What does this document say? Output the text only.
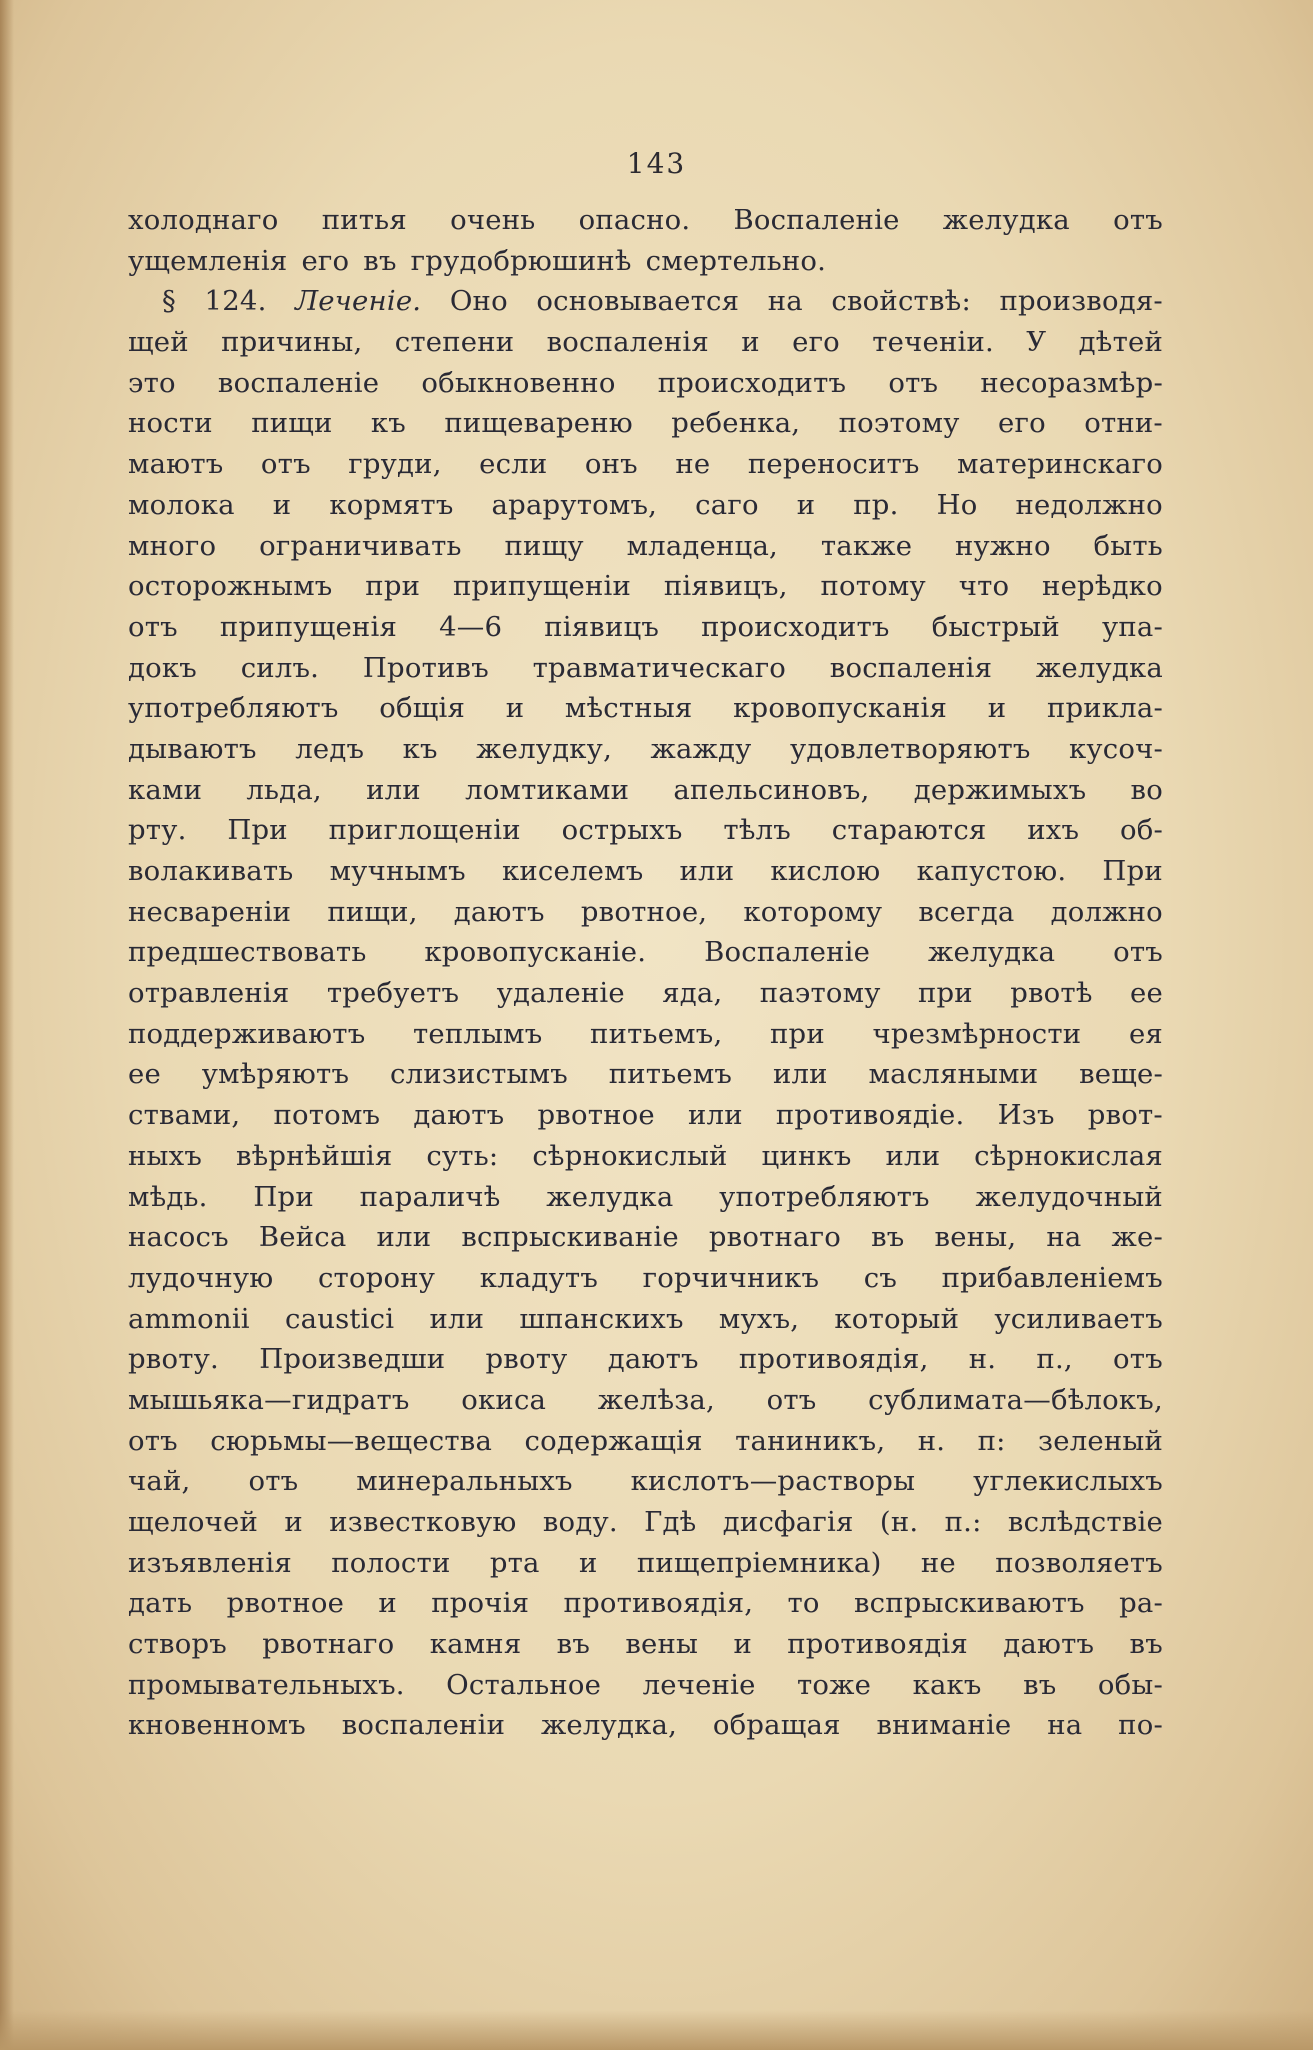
143
холоднаго питья очень опасно. Воспаленіе желудка отъ
ущемленія его въ грудобрюшинѣ смертельно.
§ 124. Леченіе. Оно основывается на свойствѣ: производя-
щей причины, степени воспаленія и его теченіи. У дѣтей
это воспаленіе обыкновенно происходитъ отъ несоразмѣр-
ности пищи къ пищевареню ребенка, поэтому его отни-
маютъ отъ груди, если онъ не переноситъ материнскаго
молока и кормятъ арарутомъ, саго и пр. Но недолжно
много ограничивать пищу младенца, также нужно быть
осторожнымъ при припущеніи піявицъ, потому что нерѣдко
отъ припущенія 4—6 піявицъ происходитъ быстрый упа-
докъ силъ. Противъ травматическаго воспаленія желудка
употребляютъ общія и мѣстныя кровопусканія и прикла-
дываютъ ледъ къ желудку, жажду удовлетворяютъ кусоч-
ками льда, или ломтиками апельсиновъ, держимыхъ во
рту. При приглощеніи острыхъ тѣлъ стараются ихъ об-
волакивать мучнымъ киселемъ или кислою капустою. При
несвареніи пищи, даютъ рвотное, которому всегда должно
предшествовать кровопусканіе. Воспаленіе желудка отъ
отравленія требуетъ удаленіе яда, паэтому при рвотѣ ее
поддерживаютъ теплымъ питьемъ, при чрезмѣрности ея
ее умѣряютъ слизистымъ питьемъ или масляными веще-
ствами, потомъ даютъ рвотное или противоядіе. Изъ рвот-
ныхъ вѣрнѣйшія суть: сѣрнокислый цинкъ или сѣрнокислая
мѣдь. При параличѣ желудка употребляютъ желудочный
насосъ Вейса или вспрыскиваніе рвотнаго въ вены, на же-
лудочную сторону кладутъ горчичникъ съ прибавленіемъ
ammonii caustici или шпанскихъ мухъ, который усиливаетъ
рвоту. Произведши рвоту даютъ противоядія, н. п., отъ
мышьяка—гидратъ окиса желѣза, отъ сублимата—бѣлокъ,
отъ сюрьмы—вещества содержащія таниникъ, н. п: зеленый
чай, отъ минеральныхъ кислотъ—растворы углекислыхъ
щелочей и известковую воду. Гдѣ дисфагія (н. п.: вслѣдствіе
изъявленія полости рта и пищепріемника) не позволяетъ
дать рвотное и прочія противоядія, то вспрыскиваютъ ра-
створъ рвотнаго камня въ вены и противоядія даютъ въ
промывательныхъ. Остальное леченіе тоже какъ въ обы-
кновенномъ воспаленіи желудка, обращая вниманіе на по-
